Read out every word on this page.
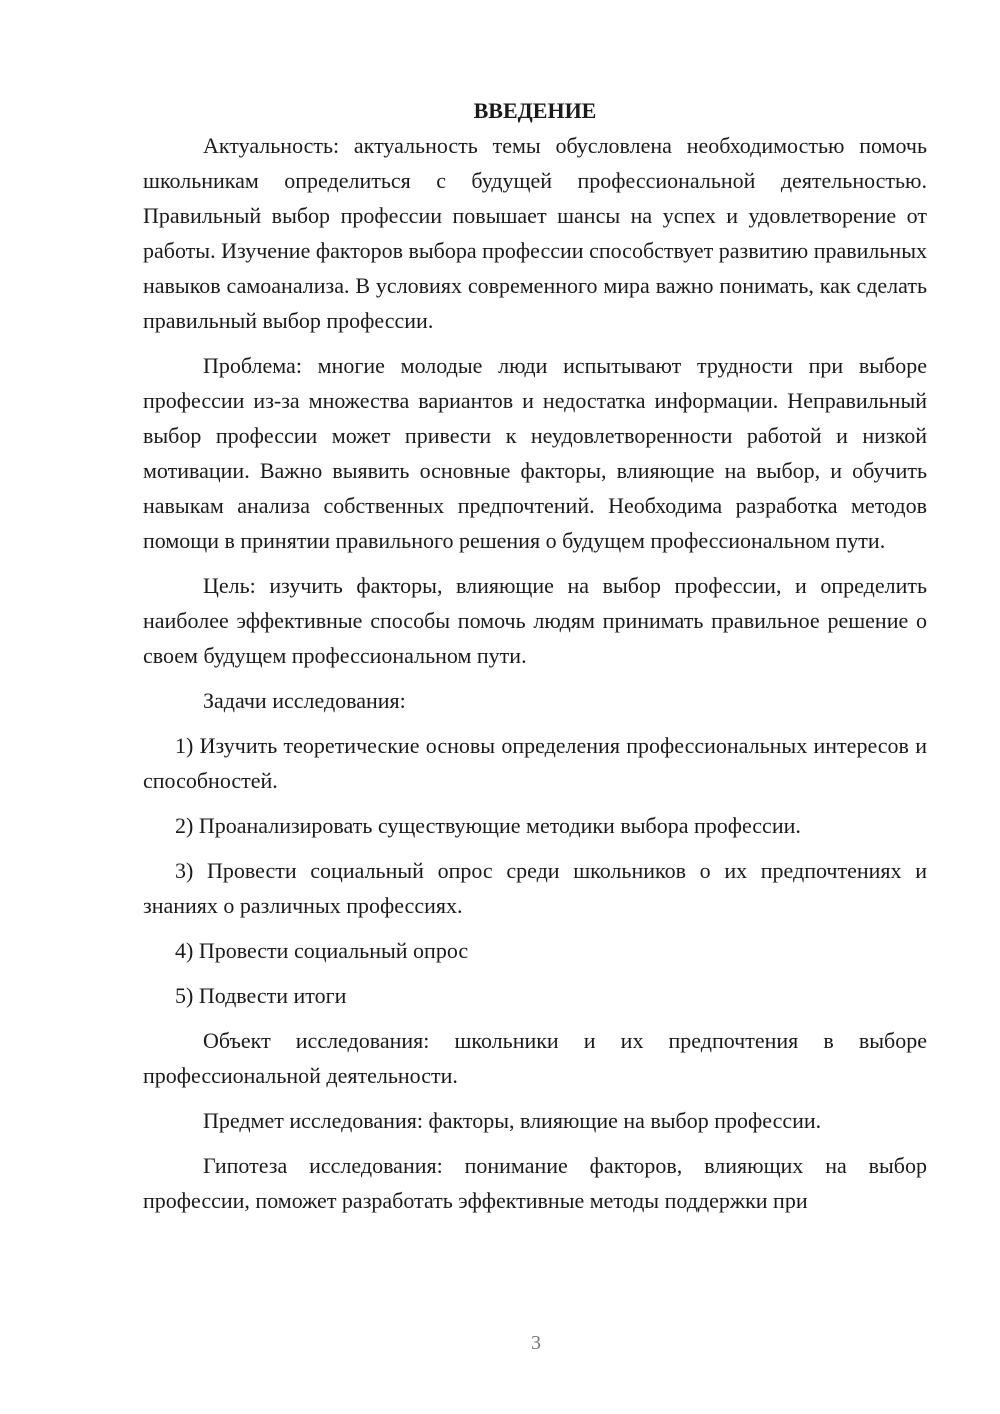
ВВЕДЕНИЕ

Актуальность: актуальность темы обусловлена необходимостью помочь школьникам определиться с будущей профессиональной деятельностью. Правильный выбор профессии повышает шансы на успех и удовлетворение от работы. Изучение факторов выбора профессии способствует развитию правильных навыков самоанализа. В условиях современного мира важно понимать, как сделать правильный выбор профессии.

Проблема: многие молодые люди испытывают трудности при выборе профессии из-за множества вариантов и недостатка информации. Неправильный выбор профессии может привести к неудовлетворенности работой и низкой мотивации. Важно выявить основные факторы, влияющие на выбор, и обучить навыкам анализа собственных предпочтений. Необходима разработка методов помощи в принятии правильного решения о будущем профессиональном пути.

Цель: изучить факторы, влияющие на выбор профессии, и определить наиболее эффективные способы помочь людям принимать правильное решение о своем будущем профессиональном пути.

Задачи исследования:

1) Изучить теоретические основы определения профессиональных интересов и способностей.

2) Проанализировать существующие методики выбора профессии.

3) Провести социальный опрос среди школьников о их предпочтениях и знаниях о различных профессиях.

4) Провести социальный опрос

5) Подвести итоги

Объект исследования: школьники и их предпочтения в выборе профессиональной деятельности.

Предмет исследования: факторы, влияющие на выбор профессии.

Гипотеза исследования: понимание факторов, влияющих на выбор профессии, поможет разработать эффективные методы поддержки при

3
